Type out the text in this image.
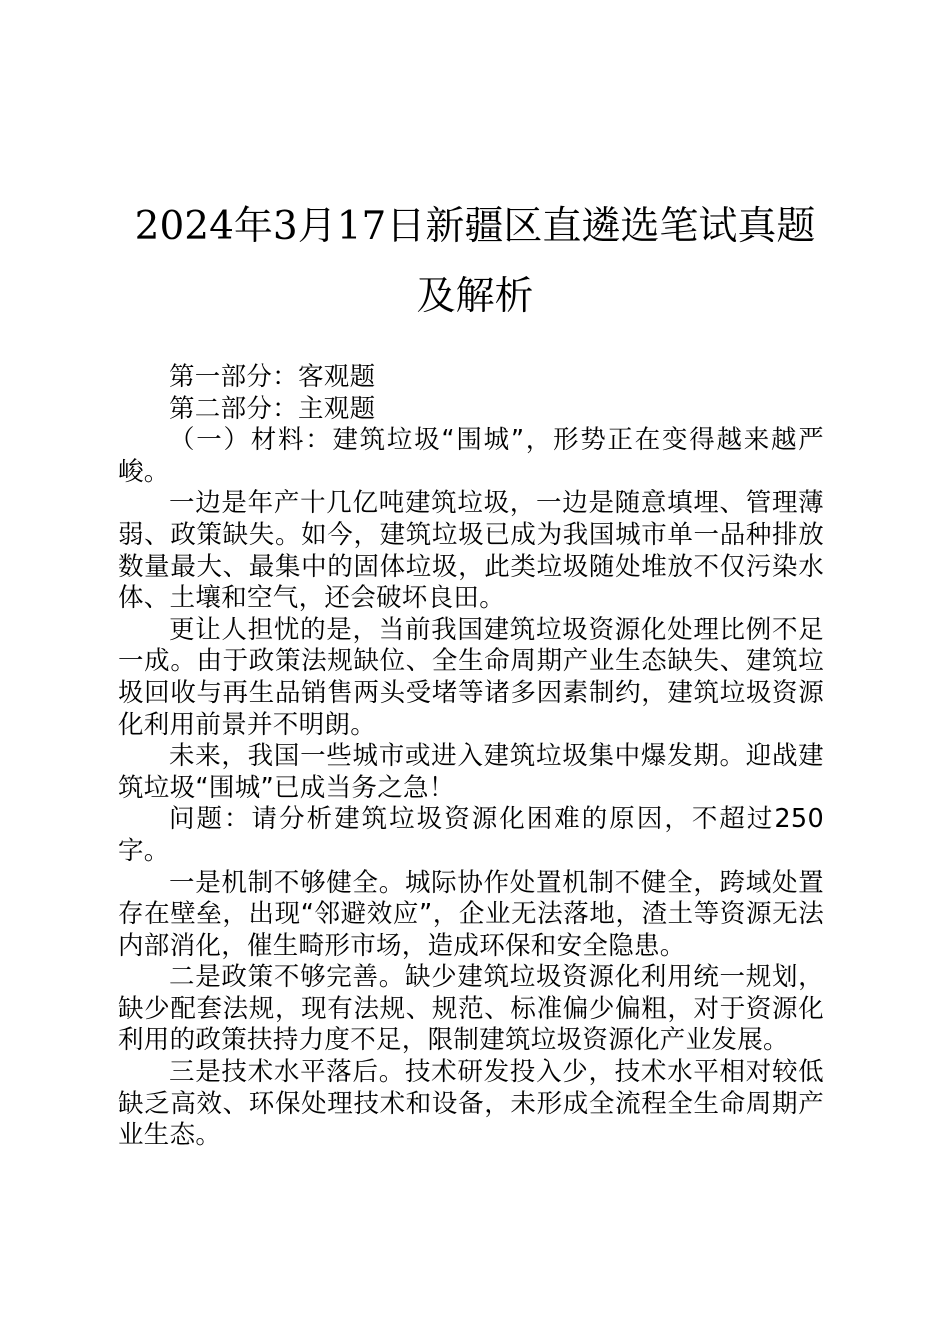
2024年3月17日新疆区直遴选笔试真题及解析

第一部分：客观题

第二部分：主观题

（一）材料：建筑垃圾“围城”，形势正在变得越来越严峻。

一边是年产十几亿吨建筑垃圾，一边是随意填埋、管理薄弱、政策缺失。如今，建筑垃圾已成为我国城市单一品种排放数量最大、最集中的固体垃圾，此类垃圾随处堆放不仅污染水体、土壤和空气，还会破坏良田。

更让人担忧的是，当前我国建筑垃圾资源化处理比例不足一成。由于政策法规缺位、全生命周期产业生态缺失、建筑垃圾回收与再生品销售两头受堵等诸多因素制约，建筑垃圾资源化利用前景并不明朗。

未来，我国一些城市或进入建筑垃圾集中爆发期。迎战建筑垃圾“围城”已成当务之急！

问题：请分析建筑垃圾资源化困难的原因，不超过250字。

一是机制不够健全。城际协作处置机制不健全，跨域处置存在壁垒，出现“邻避效应”，企业无法落地，渣土等资源无法内部消化，催生畸形市场，造成环保和安全隐患。

二是政策不够完善。缺少建筑垃圾资源化利用统一规划，缺少配套法规，现有法规、规范、标准偏少偏粗，对于资源化利用的政策扶持力度不足，限制建筑垃圾资源化产业发展。

三是技术水平落后。技术研发投入少，技术水平相对较低缺乏高效、环保处理技术和设备，未形成全流程全生命周期产业生态。
